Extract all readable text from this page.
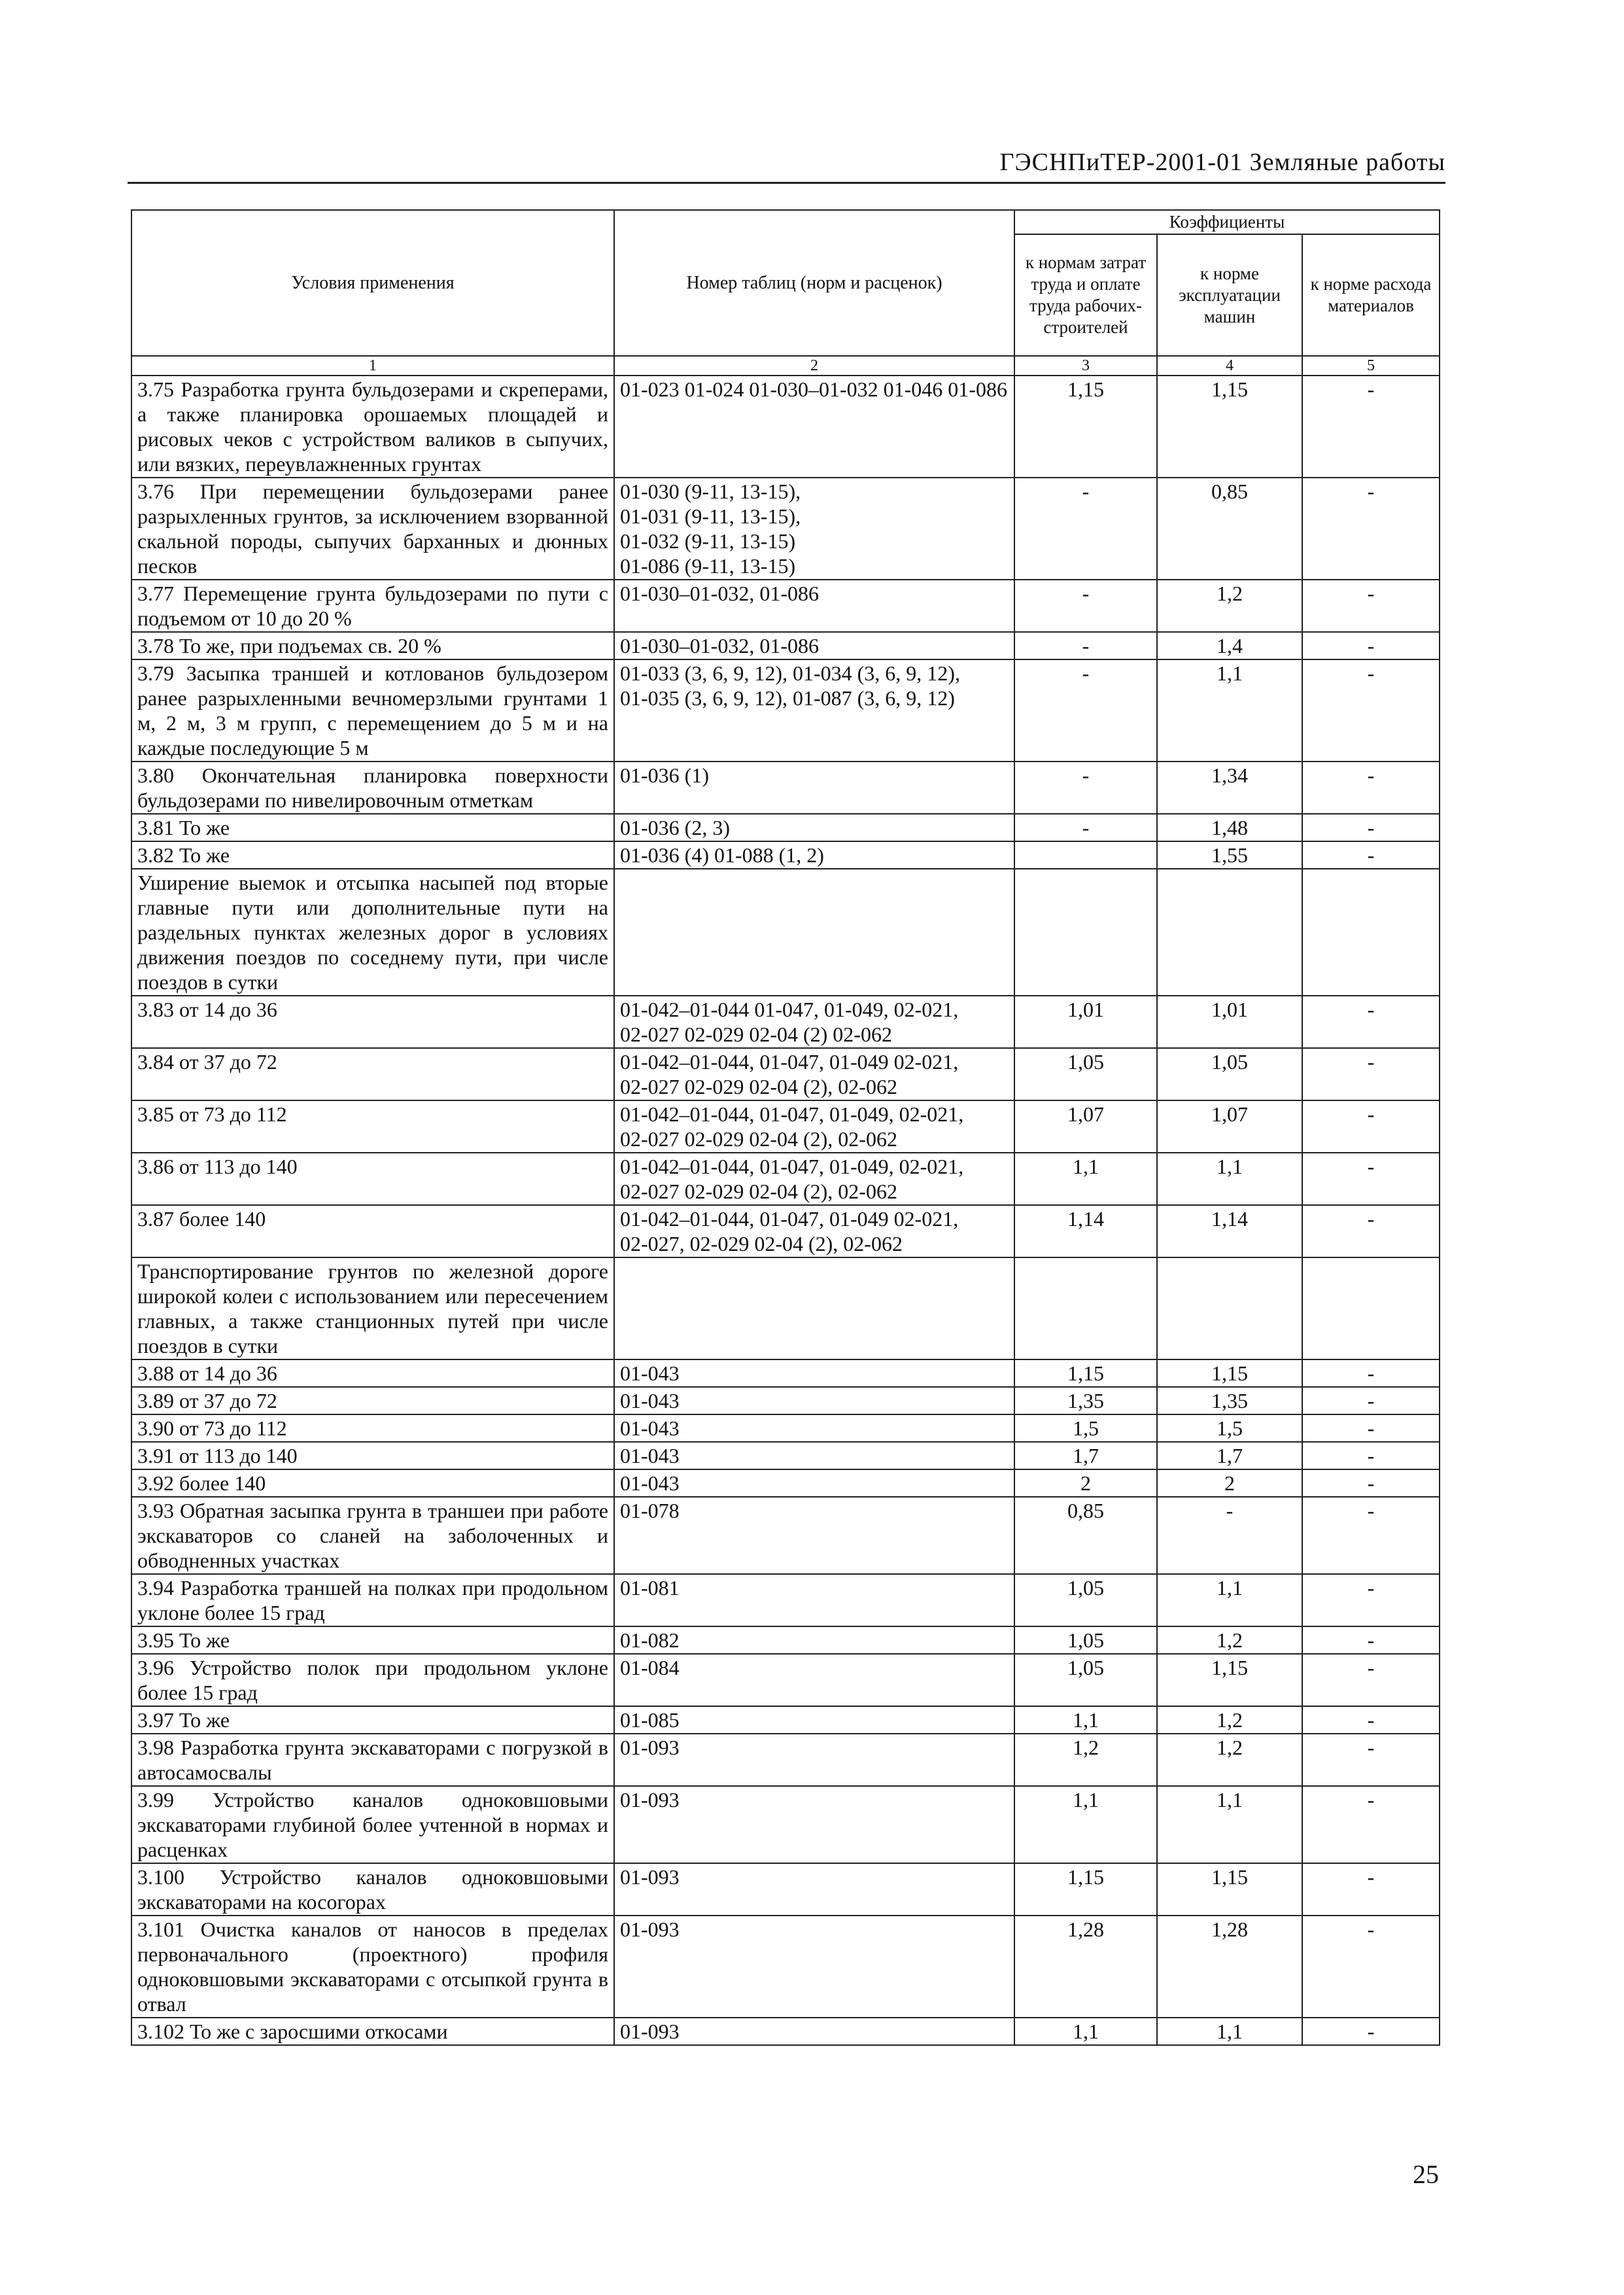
ГЭСНПиТЕР-2001-01 Земляные работы
Условия применения	Номер таблиц (норм и расценок)	Коэффициенты		
		к нормам затрат труда и оплате труда рабочих-строителей	к норме эксплуатации машин	к норме расхода материалов
1	2	3	4	5
3.75 Разработка грунта бульдозерами и скреперами, а также планировка орошаемых площадей и рисовых чеков с устройством валиков в сыпучих, или вязких, переувлажненных грунтах	01-023 01-024 01-030–01-032 01-046 01-086	1,15	1,15	-
3.76 При перемещении бульдозерами ранее разрыхленных грунтов, за исключением взорванной скальной породы, сыпучих барханных и дюнных песков	01-030 (9-11, 13-15),
01-031 (9-11, 13-15),
01-032 (9-11, 13-15)
01-086 (9-11, 13-15)	-	0,85	-
3.77 Перемещение грунта бульдозерами по пути с подъемом от 10 до 20 %	01-030–01-032, 01-086	-	1,2	-
3.78 То же, при подъемах св. 20 %	01-030–01-032, 01-086	-	1,4	-
3.79 Засыпка траншей и котлованов бульдозером ранее разрыхленными вечномерзлыми грунтами 1 м, 2 м, 3 м групп, с перемещением до 5 м и на каждые последующие 5 м	01-033 (3, 6, 9, 12), 01-034 (3, 6, 9, 12),
01-035 (3, 6, 9, 12), 01-087 (3, 6, 9, 12)	-	1,1	-
3.80 Окончательная планировка поверхности бульдозерами по нивелировочным отметкам	01-036 (1)	-	1,34	-
3.81 То же	01-036 (2, 3)	-	1,48	-
3.82 То же	01-036 (4) 01-088 (1, 2)		1,55	-
Уширение выемок и отсыпка насыпей под вторые главные пути или дополнительные пути на раздельных пунктах железных дорог в условиях движения поездов по соседнему пути, при числе поездов в сутки				
3.83 от 14 до 36	01-042–01-044 01-047, 01-049, 02-021,
02-027 02-029 02-04 (2) 02-062	1,01	1,01	-
3.84 от 37 до 72	01-042–01-044, 01-047, 01-049 02-021,
02-027 02-029 02-04 (2), 02-062	1,05	1,05	-
3.85 от 73 до 112	01-042–01-044, 01-047, 01-049, 02-021,
02-027 02-029 02-04 (2), 02-062	1,07	1,07	-
3.86 от 113 до 140	01-042–01-044, 01-047, 01-049, 02-021,
02-027 02-029 02-04 (2), 02-062	1,1	1,1	-
3.87 более 140	01-042–01-044, 01-047, 01-049 02-021,
02-027, 02-029 02-04 (2), 02-062	1,14	1,14	-
Транспортирование грунтов по железной дороге широкой колеи с использованием или пересечением главных, а также станционных путей при числе поездов в сутки				
3.88 от 14 до 36	01-043	1,15	1,15	-
3.89 от 37 до 72	01-043	1,35	1,35	-
3.90 от 73 до 112	01-043	1,5	1,5	-
3.91 от 113 до 140	01-043	1,7	1,7	-
3.92 более 140	01-043	2	2	-
3.93 Обратная засыпка грунта в траншеи при работе экскаваторов со сланей на заболоченных и обводненных участках	01-078	0,85	-	-
3.94 Разработка траншей на полках при продольном уклоне более 15 град	01-081	1,05	1,1	-
3.95 То же	01-082	1,05	1,2	-
3.96 Устройство полок при продольном уклоне более 15 град	01-084	1,05	1,15	-
3.97 То же	01-085	1,1	1,2	-
3.98 Разработка грунта экскаваторами с погрузкой в автосамосвалы	01-093	1,2	1,2	-
3.99 Устройство каналов одноковшовыми экскаваторами глубиной более учтенной в нормах и расценках	01-093	1,1	1,1	-
3.100 Устройство каналов одноковшовыми экскаваторами на косогорах	01-093	1,15	1,15	-
3.101 Очистка каналов от наносов в пределах первоначального (проектного) профиля одноковшовыми экскаваторами с отсыпкой грунта в отвал	01-093	1,28	1,28	-
3.102 То же с заросшими откосами	01-093	1,1	1,1	-
25
